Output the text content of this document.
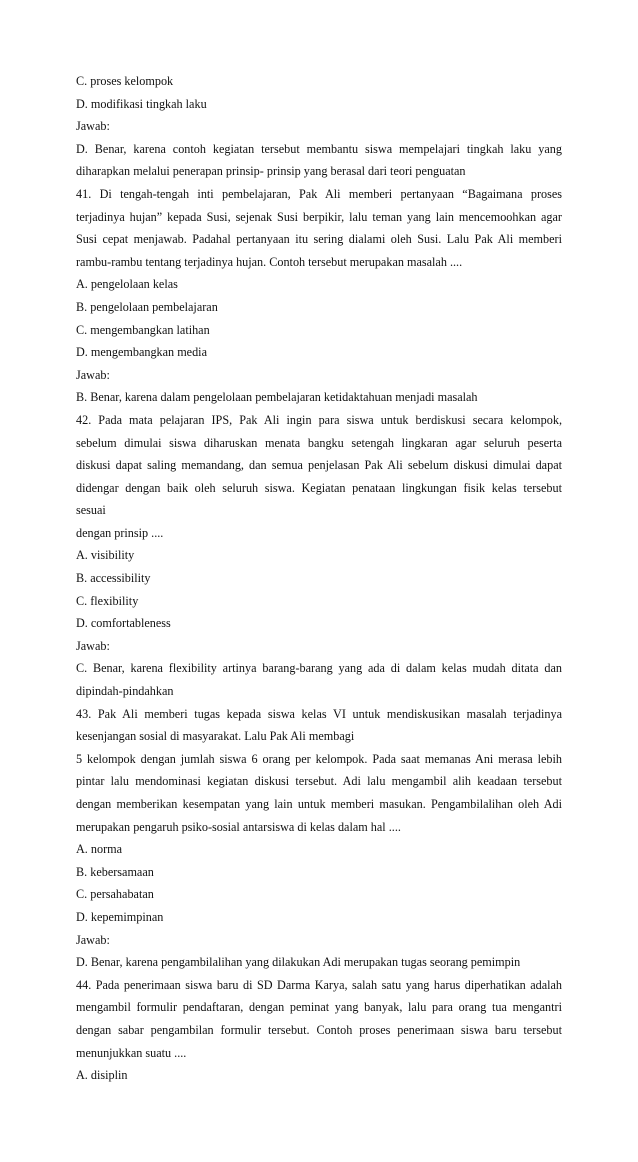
C. proses kelompok
D. modifikasi tingkah laku
Jawab:
D. Benar, karena contoh kegiatan tersebut membantu siswa mempelajari tingkah laku yang
diharapkan melalui penerapan prinsip- prinsip yang berasal dari teori penguatan
41. Di tengah-tengah inti pembelajaran, Pak Ali memberi pertanyaan “Bagaimana proses
terjadinya hujan” kepada Susi, sejenak Susi berpikir, lalu teman yang lain mencemoohkan agar
Susi cepat menjawab. Padahal pertanyaan itu sering dialami oleh Susi. Lalu Pak Ali memberi
rambu-rambu tentang terjadinya hujan. Contoh tersebut merupakan masalah ....
A. pengelolaan kelas
B. pengelolaan pembelajaran
C. mengembangkan latihan
D. mengembangkan media
Jawab:
B. Benar, karena dalam pengelolaan pembelajaran ketidaktahuan menjadi masalah
42. Pada mata pelajaran IPS, Pak Ali ingin para siswa untuk berdiskusi secara kelompok,
sebelum dimulai siswa diharuskan menata bangku setengah lingkaran agar seluruh peserta
diskusi dapat saling memandang, dan semua penjelasan Pak Ali sebelum diskusi dimulai dapat
didengar dengan baik oleh seluruh siswa. Kegiatan penataan lingkungan fisik kelas tersebut
sesuai
dengan prinsip ....
A. visibility
B. accessibility
C. flexibility
D. comfortableness
Jawab:
C. Benar, karena flexibility artinya barang-barang yang ada di dalam kelas mudah ditata dan
dipindah-pindahkan
43. Pak Ali memberi tugas kepada siswa kelas VI untuk mendiskusikan masalah terjadinya
kesenjangan sosial di masyarakat. Lalu Pak Ali membagi
5 kelompok dengan jumlah siswa 6 orang per kelompok. Pada saat memanas Ani merasa lebih
pintar lalu mendominasi kegiatan diskusi tersebut. Adi lalu mengambil alih keadaan tersebut
dengan memberikan kesempatan yang lain untuk memberi masukan. Pengambilalihan oleh Adi
merupakan pengaruh psiko-sosial antarsiswa di kelas dalam hal ....
A. norma
B. kebersamaan
C. persahabatan
D. kepemimpinan
Jawab:
D. Benar, karena pengambilalihan yang dilakukan Adi merupakan tugas seorang pemimpin
44. Pada penerimaan siswa baru di SD Darma Karya, salah satu yang harus diperhatikan adalah
mengambil formulir pendaftaran, dengan peminat yang banyak, lalu para orang tua mengantri
dengan sabar pengambilan formulir tersebut. Contoh proses penerimaan siswa baru tersebut
menunjukkan suatu ....
A. disiplin
